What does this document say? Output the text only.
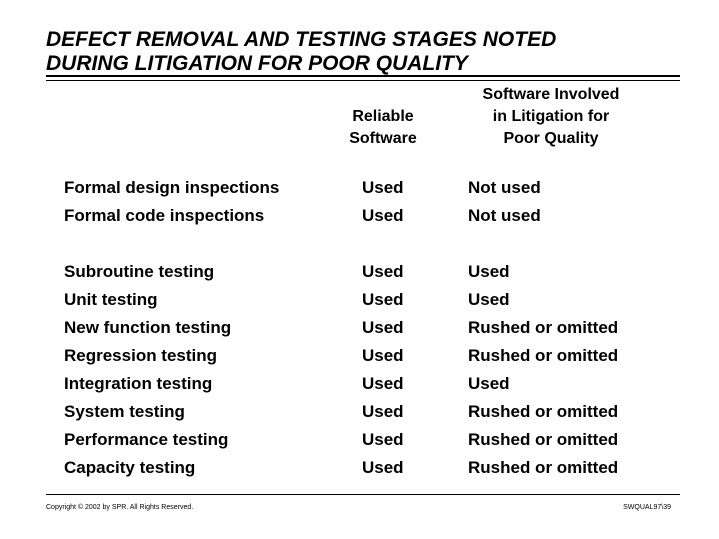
DEFECT REMOVAL AND TESTING STAGES NOTED
DURING LITIGATION FOR POOR QUALITY
Reliable
Software
Software Involved
in Litigation for
Poor Quality
Formal design inspections	Used	Not used
Formal code inspections	Used	Not used
Subroutine testing	Used	Used
Unit testing	Used	Used
New function testing	Used	Rushed or omitted
Regression testing	Used	Rushed or omitted
Integration testing	Used	Used
System testing	Used	Rushed or omitted
Performance testing	Used	Rushed or omitted
Capacity testing	Used	Rushed or omitted
Copyright © 2002 by SPR. All Rights Reserved.	SWQUAL97\39
